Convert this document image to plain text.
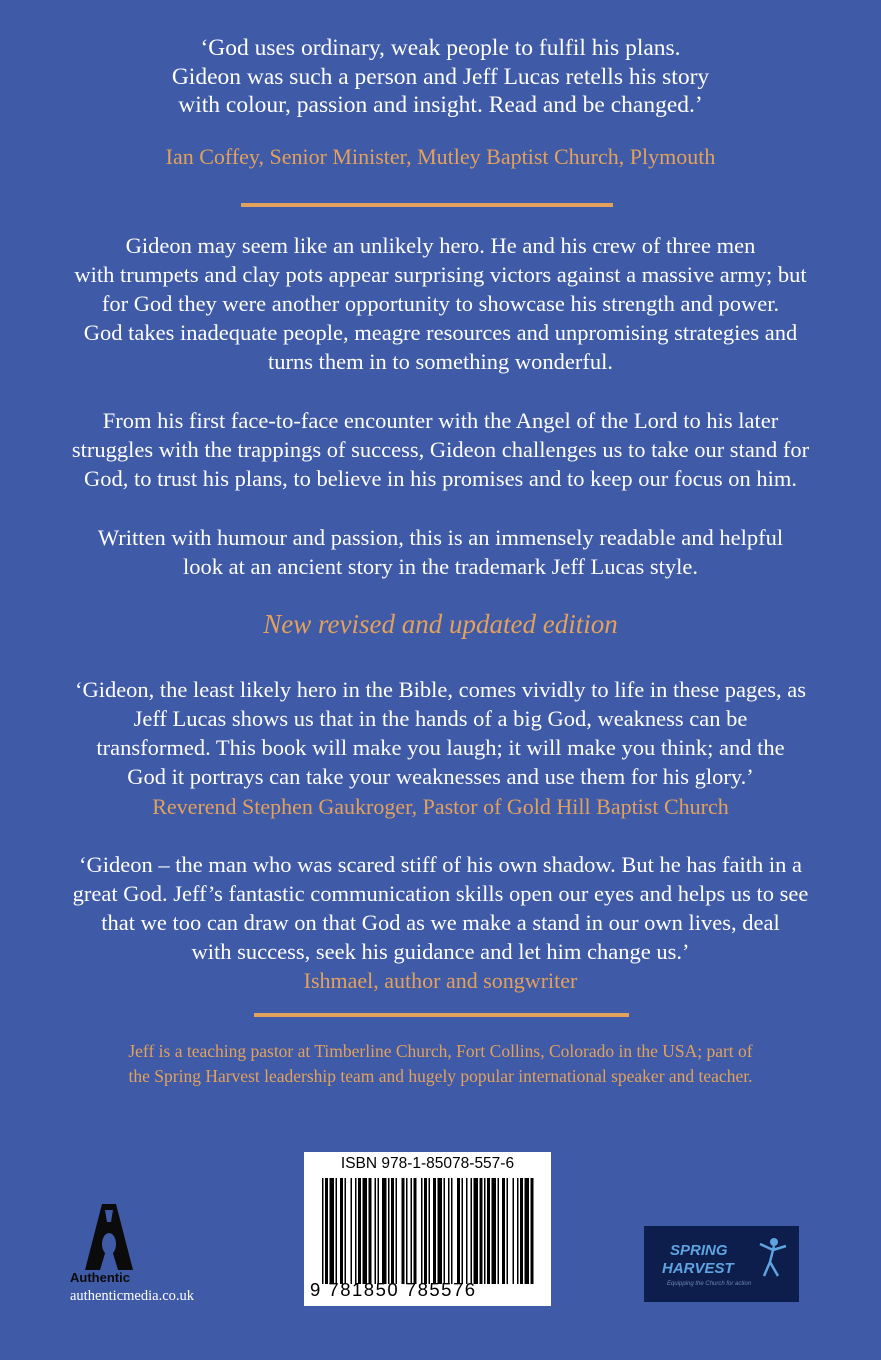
‘God uses ordinary, weak people to fulfil his plans.
Gideon was such a person and Jeff Lucas retells his story
with colour, passion and insight. Read and be changed.’
Ian Coffey, Senior Minister, Mutley Baptist Church, Plymouth
Gideon may seem like an unlikely hero. He and his crew of three men
with trumpets and clay pots appear surprising victors against a massive army; but
for God they were another opportunity to showcase his strength and power.
God takes inadequate people, meagre resources and unpromising strategies and
turns them in to something wonderful.
From his first face-to-face encounter with the Angel of the Lord to his later
struggles with the trappings of success, Gideon challenges us to take our stand for
God, to trust his plans, to believe in his promises and to keep our focus on him.
Written with humour and passion, this is an immensely readable and helpful
look at an ancient story in the trademark Jeff Lucas style.
New revised and updated edition
‘Gideon, the least likely hero in the Bible, comes vividly to life in these pages, as
Jeff Lucas shows us that in the hands of a big God, weakness can be
transformed. This book will make you laugh; it will make you think; and the
God it portrays can take your weaknesses and use them for his glory.’
Reverend Stephen Gaukroger, Pastor of Gold Hill Baptist Church
‘Gideon – the man who was scared stiff of his own shadow. But he has faith in a
great God. Jeff’s fantastic communication skills open our eyes and helps us to see
that we too can draw on that God as we make a stand in our own lives, deal
with success, seek his guidance and let him change us.’
Ishmael, author and songwriter
Jeff is a teaching pastor at Timberline Church, Fort Collins, Colorado in the USA; part of
the Spring Harvest leadership team and hugely popular international speaker and teacher.
Authentic
authenticmedia.co.uk
ISBN 978-1-85078-557-6
9 781850 785576
SPRING
HARVEST
Equipping the Church for action
